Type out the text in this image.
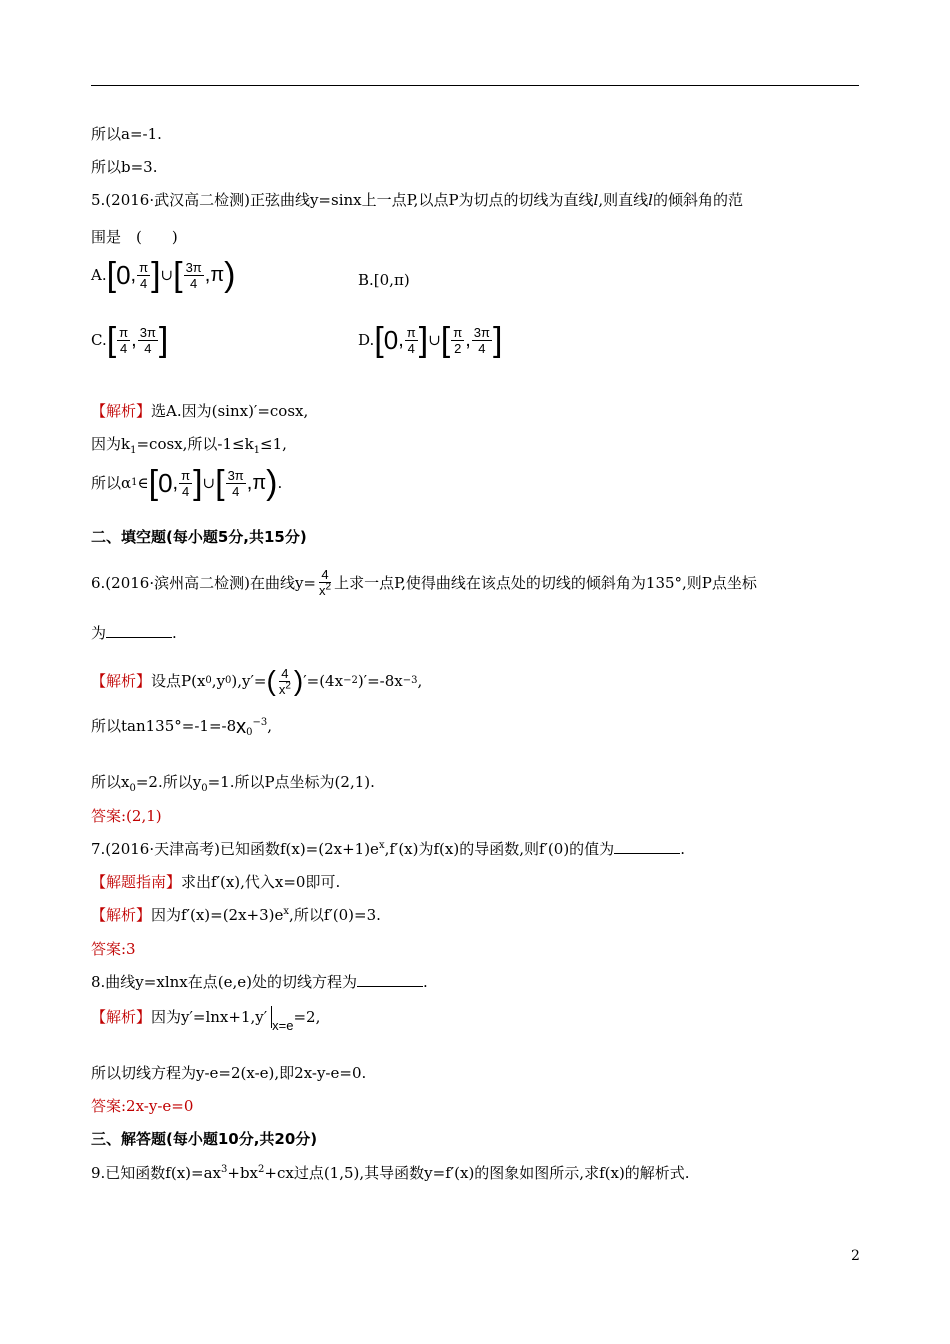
所以a=-1.
所以b=3.
5.(2016·武汉高二检测)正弦曲线y=sinx上一点P,以点P为切点的切线为直线l,则直线l的倾斜角的范
围是　(　　)
A. [ 0 , $\frac{\pi}{4}$ ] ∪ [ $\frac{3\pi}{4}$ , π )	B.[0,π)
C. [ $\frac{\pi}{4}$ , $\frac{3\pi}{4}$ ]	D. [ 0 , $\frac{\pi}{4}$ ] ∪ [ $\frac{\pi}{2}$ , $\frac{3\pi}{4}$ ]
【解析】选A.因为(sinx)′=cosx,
因为$k_1=\cos x$,所以$-1\le k_1\le 1$,
所以α 1 ∈ [ 0 , $\frac{\pi}{4}$ ] ∪ [ $\frac{3\pi}{4}$ , π ) .
二、填空题(每小题5分,共15分)
6.(2016·滨州高二检测)在曲线$y= \frac{4}{x^2}$ 上求一点P,使得曲线在该点处的切线的倾斜角为135°,则P点坐标
为	.
【解析】 设点P(x 0 ,y 0 ),y′= ( $\frac{4}{x^2}$ ) ′=(4x −2 )′=-8x −3 ,
所以$\tan 135^\circ=-1=-8x_0^{-3}$,
所以$x_0=2$.所以$y_0=1$.所以P点坐标为(2,1).
答案:(2,1)
7.(2016·天津高考)已知函数$f(x)=(2x+1)e^x,f'(x)$为f(x)的导函数,则f′(0)的值为	.
【解题指南】求出f′(x),代入x=0即可.
【解析】因为$f'(x)=(2x+3)e^x$,所以f′(0)=3.
答案:3
8.曲线y=xlnx在点(e,e)处的切线方程为	.
【解析】 因为y′=lnx+1,y′ x=e =2,
所以切线方程为y-e=2(x-e),即2x-y-e=0.
答案:2x-y-e=0
三、解答题(每小题10分,共20分)
9.已知函数$f(x)=ax^3+bx^2+cx$过点(1,5),其导函数y=f′(x)的图象如图所示,求f(x)的解析式.
2
